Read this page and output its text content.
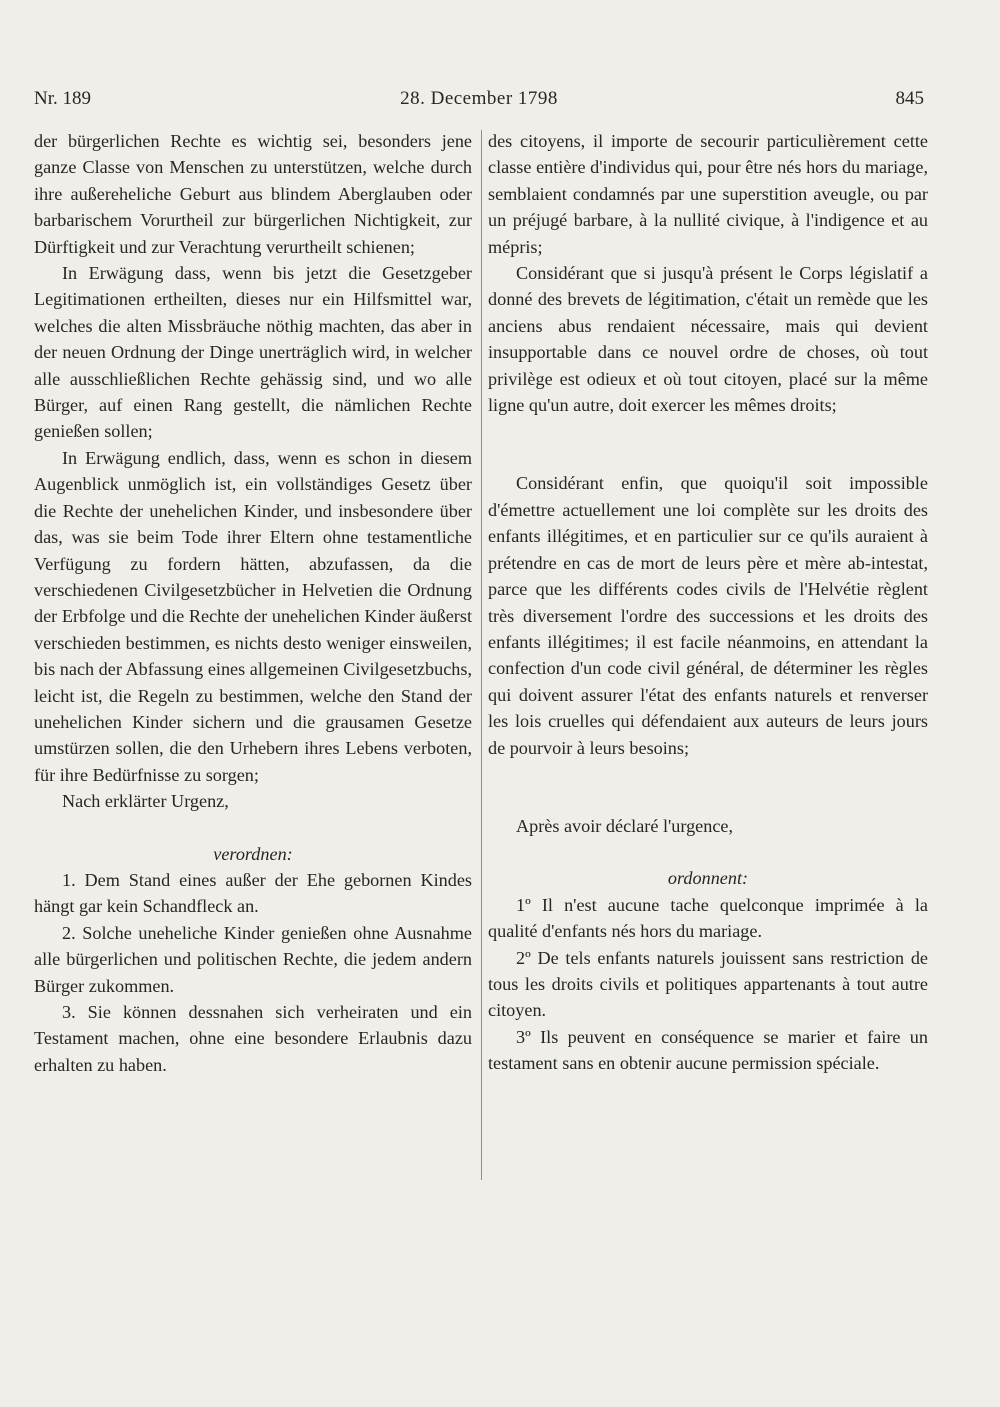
Nr. 189	28. December 1798	845

der bürgerlichen Rechte es wichtig sei, besonders jene ganze Classe von Menschen zu unterstützen, welche durch ihre außereheliche Geburt aus blindem Aberglauben oder barbarischem Vorurtheil zur bürgerlichen Nichtigkeit, zur Dürftigkeit und zur Verachtung verurtheilt schienen;

In Erwägung dass, wenn bis jetzt die Gesetzgeber Legitimationen ertheilten, dieses nur ein Hilfsmittel war, welches die alten Missbräuche nöthig machten, das aber in der neuen Ordnung der Dinge unerträglich wird, in welcher alle ausschließlichen Rechte gehässig sind, und wo alle Bürger, auf einen Rang gestellt, die nämlichen Rechte genießen sollen;

In Erwägung endlich, dass, wenn es schon in diesem Augenblick unmöglich ist, ein vollständiges Gesetz über die Rechte der unehelichen Kinder, und insbesondere über das, was sie beim Tode ihrer Eltern ohne testamentliche Verfügung zu fordern hätten, abzufassen, da die verschiedenen Civilgesetzbücher in Helvetien die Ordnung der Erbfolge und die Rechte der unehelichen Kinder äußerst verschieden bestimmen, es nichts desto weniger einsweilen, bis nach der Abfassung eines allgemeinen Civilgesetzbuchs, leicht ist, die Regeln zu bestimmen, welche den Stand der unehelichen Kinder sichern und die grausamen Gesetze umstürzen sollen, die den Urhebern ihres Lebens verboten, für ihre Bedürfnisse zu sorgen;

Nach erklärter Urgenz,

verordnen:

1. Dem Stand eines außer der Ehe gebornen Kindes hängt gar kein Schandfleck an.

2. Solche uneheliche Kinder genießen ohne Ausnahme alle bürgerlichen und politischen Rechte, die jedem andern Bürger zukommen.

3. Sie können dessnahen sich verheiraten und ein Testament machen, ohne eine besondere Erlaubnis dazu erhalten zu haben.

des citoyens, il importe de secourir particulièrement cette classe entière d'individus qui, pour être nés hors du mariage, semblaient condamnés par une superstition aveugle, ou par un préjugé barbare, à la nullité civique, à l'indigence et au mépris;

Considérant que si jusqu'à présent le Corps législatif a donné des brevets de légitimation, c'était un remède que les anciens abus rendaient nécessaire, mais qui devient insupportable dans ce nouvel ordre de choses, où tout privilège est odieux et où tout citoyen, placé sur la même ligne qu'un autre, doit exercer les mêmes droits;

Considérant enfin, que quoiqu'il soit impossible d'émettre actuellement une loi complète sur les droits des enfants illégitimes, et en particulier sur ce qu'ils auraient à prétendre en cas de mort de leurs père et mère ab-intestat, parce que les différents codes civils de l'Helvétie règlent très diversement l'ordre des successions et les droits des enfants illégitimes; il est facile néanmoins, en attendant la confection d'un code civil général, de déterminer les règles qui doivent assurer l'état des enfants naturels et renverser les lois cruelles qui défendaient aux auteurs de leurs jours de pourvoir à leurs besoins;

Après avoir déclaré l'urgence,

ordonnent:

1º Il n'est aucune tache quelconque imprimée à la qualité d'enfants nés hors du mariage.

2º De tels enfants naturels jouissent sans restriction de tous les droits civils et politiques appartenants à tout autre citoyen.

3º Ils peuvent en conséquence se marier et faire un testament sans en obtenir aucune permission spéciale.
